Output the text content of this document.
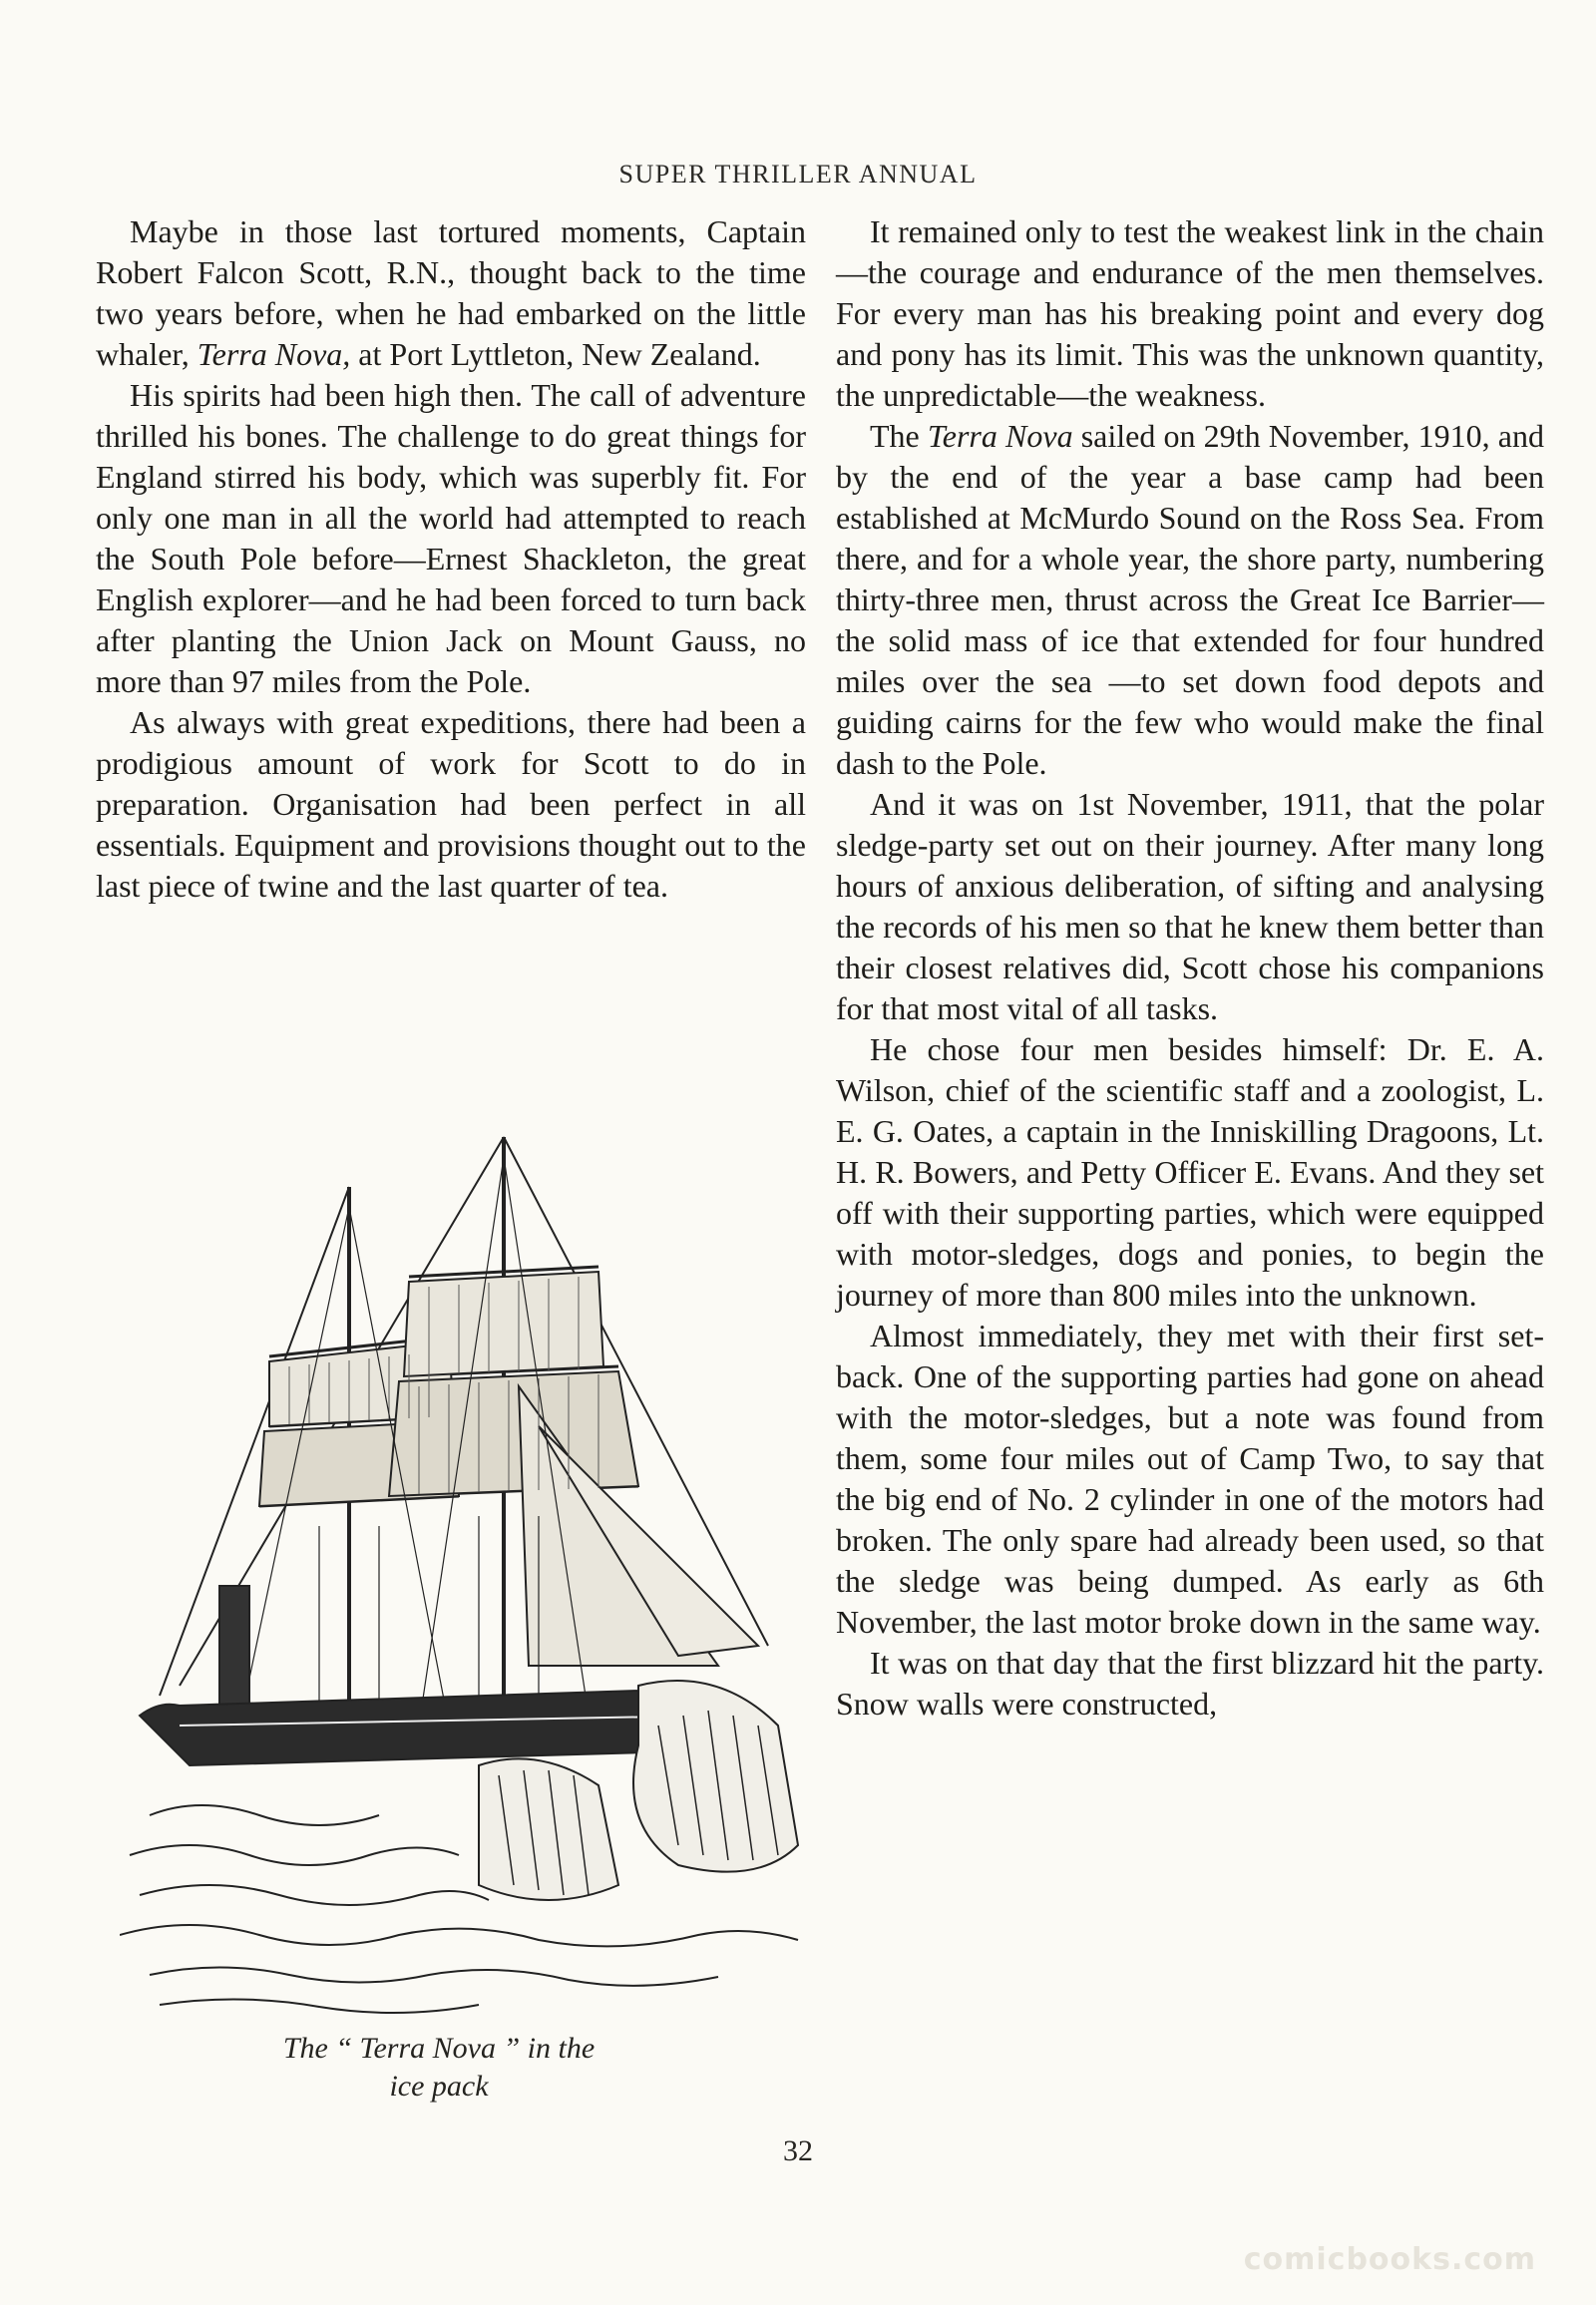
SUPER THRILLER ANNUAL

Maybe in those last tortured moments, Captain Robert Falcon Scott, R.N., thought back to the time two years before, when he had embarked on the little whaler, Terra Nova, at Port Lyttleton, New Zealand.

His spirits had been high then. The call of adventure thrilled his bones. The challenge to do great things for England stirred his body, which was superbly fit. For only one man in all the world had attempted to reach the South Pole before—Ernest Shackleton, the great English explorer—and he had been forced to turn back after planting the Union Jack on Mount Gauss, no more than 97 miles from the Pole.

As always with great expeditions, there had been a prodigious amount of work for Scott to do in preparation. Organisation had been perfect in all essentials. Equipment and provisions thought out to the last piece of twine and the last quarter of tea.

The “ Terra Nova ” in the
ice pack

It remained only to test the weakest link in the chain—the courage and endurance of the men themselves. For every man has his breaking point and every dog and pony has its limit. This was the unknown quantity, the unpredictable—the weakness.

The Terra Nova sailed on 29th November, 1910, and by the end of the year a base camp had been established at McMurdo Sound on the Ross Sea. From there, and for a whole year, the shore party, numbering thirty-three men, thrust across the Great Ice Barrier—the solid mass of ice that extended for four hundred miles over the sea —to set down food depots and guiding cairns for the few who would make the final dash to the Pole.

And it was on 1st November, 1911, that the polar sledge-party set out on their journey. After many long hours of anxious deliberation, of sifting and analysing the records of his men so that he knew them better than their closest relatives did, Scott chose his companions for that most vital of all tasks.

He chose four men besides himself: Dr. E. A. Wilson, chief of the scientific staff and a zoologist, L. E. G. Oates, a captain in the Inniskilling Dragoons, Lt. H. R. Bowers, and Petty Officer E. Evans. And they set off with their supporting parties, which were equipped with motor-sledges, dogs and ponies, to begin the journey of more than 800 miles into the unknown.

Almost immediately, they met with their first set-back. One of the supporting parties had gone on ahead with the motor-sledges, but a note was found from them, some four miles out of Camp Two, to say that the big end of No. 2 cylinder in one of the motors had broken. The only spare had already been used, so that the sledge was being dumped. As early as 6th November, the last motor broke down in the same way.

It was on that day that the first blizzard hit the party. Snow walls were constructed,

32
comicbooks.com
